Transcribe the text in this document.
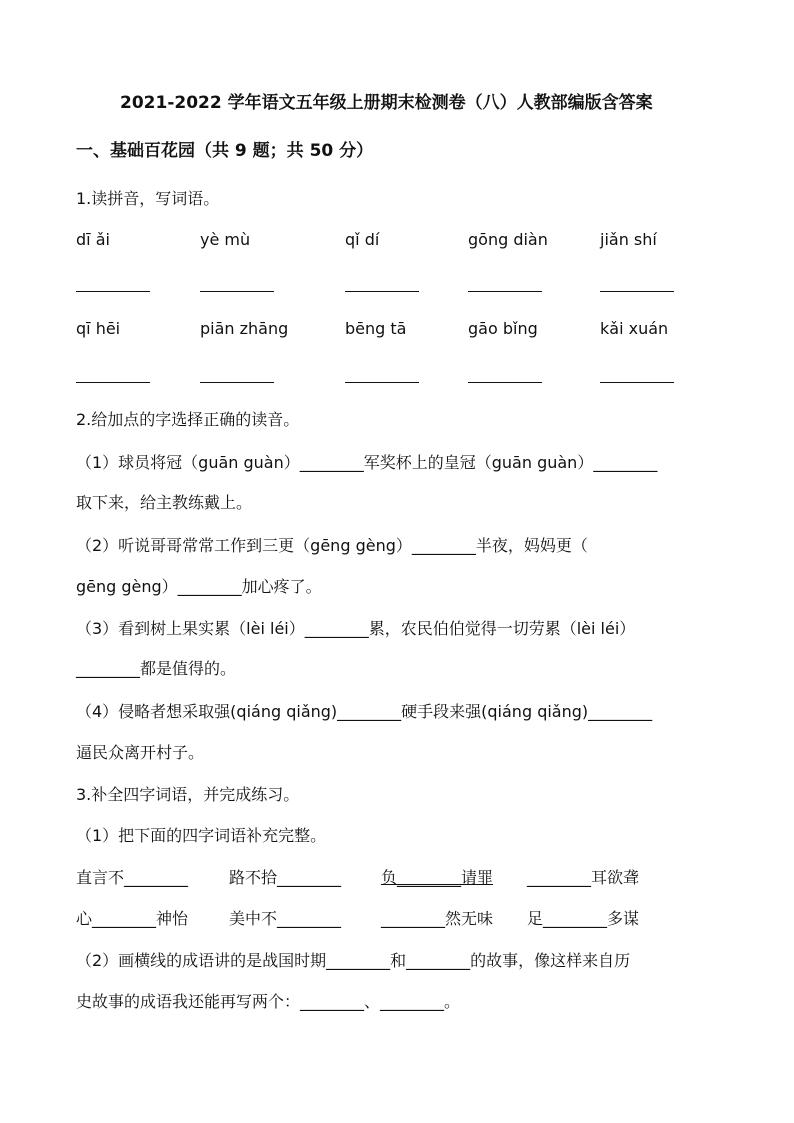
2021-2022 学年语文五年级上册期末检测卷（八）人教部编版含答案
一、基础百花园（共 9 题；共 50 分）
1.读拼音，写词语。
dī ǎi	yè mù	qǐ dí	gōng diàn	jiǎn shí
qī hēi	piān zhāng	bēng tā	gāo bǐng	kǎi xuán
2.给加点的字选择正确的读音。
（1）球员将冠（guān guàn）________军奖杯上的皇冠（guān guàn）________
取下来，给主教练戴上。
（2）听说哥哥常常工作到三更（gēng gèng）________半夜，妈妈更（
gēng gèng）________加心疼了。
（3）看到树上果实累（lèi léi）________累，农民伯伯觉得一切劳累（lèi léi）
________都是值得的。
（4）侵略者想采取强(qiáng qiǎng)________硬手段来强(qiáng qiǎng)________
逼民众离开村子。
3.补全四字词语，并完成练习。
（1）把下面的四字词语补充完整。
直言不________	路不拾________ 负________请罪 ________耳欲聋
心________神怡	美中不________ ________然无味 足________多谋
（2）画横线的成语讲的是战国时期________和________的故事，像这样来自历
史故事的成语我还能再写两个：________、________。
